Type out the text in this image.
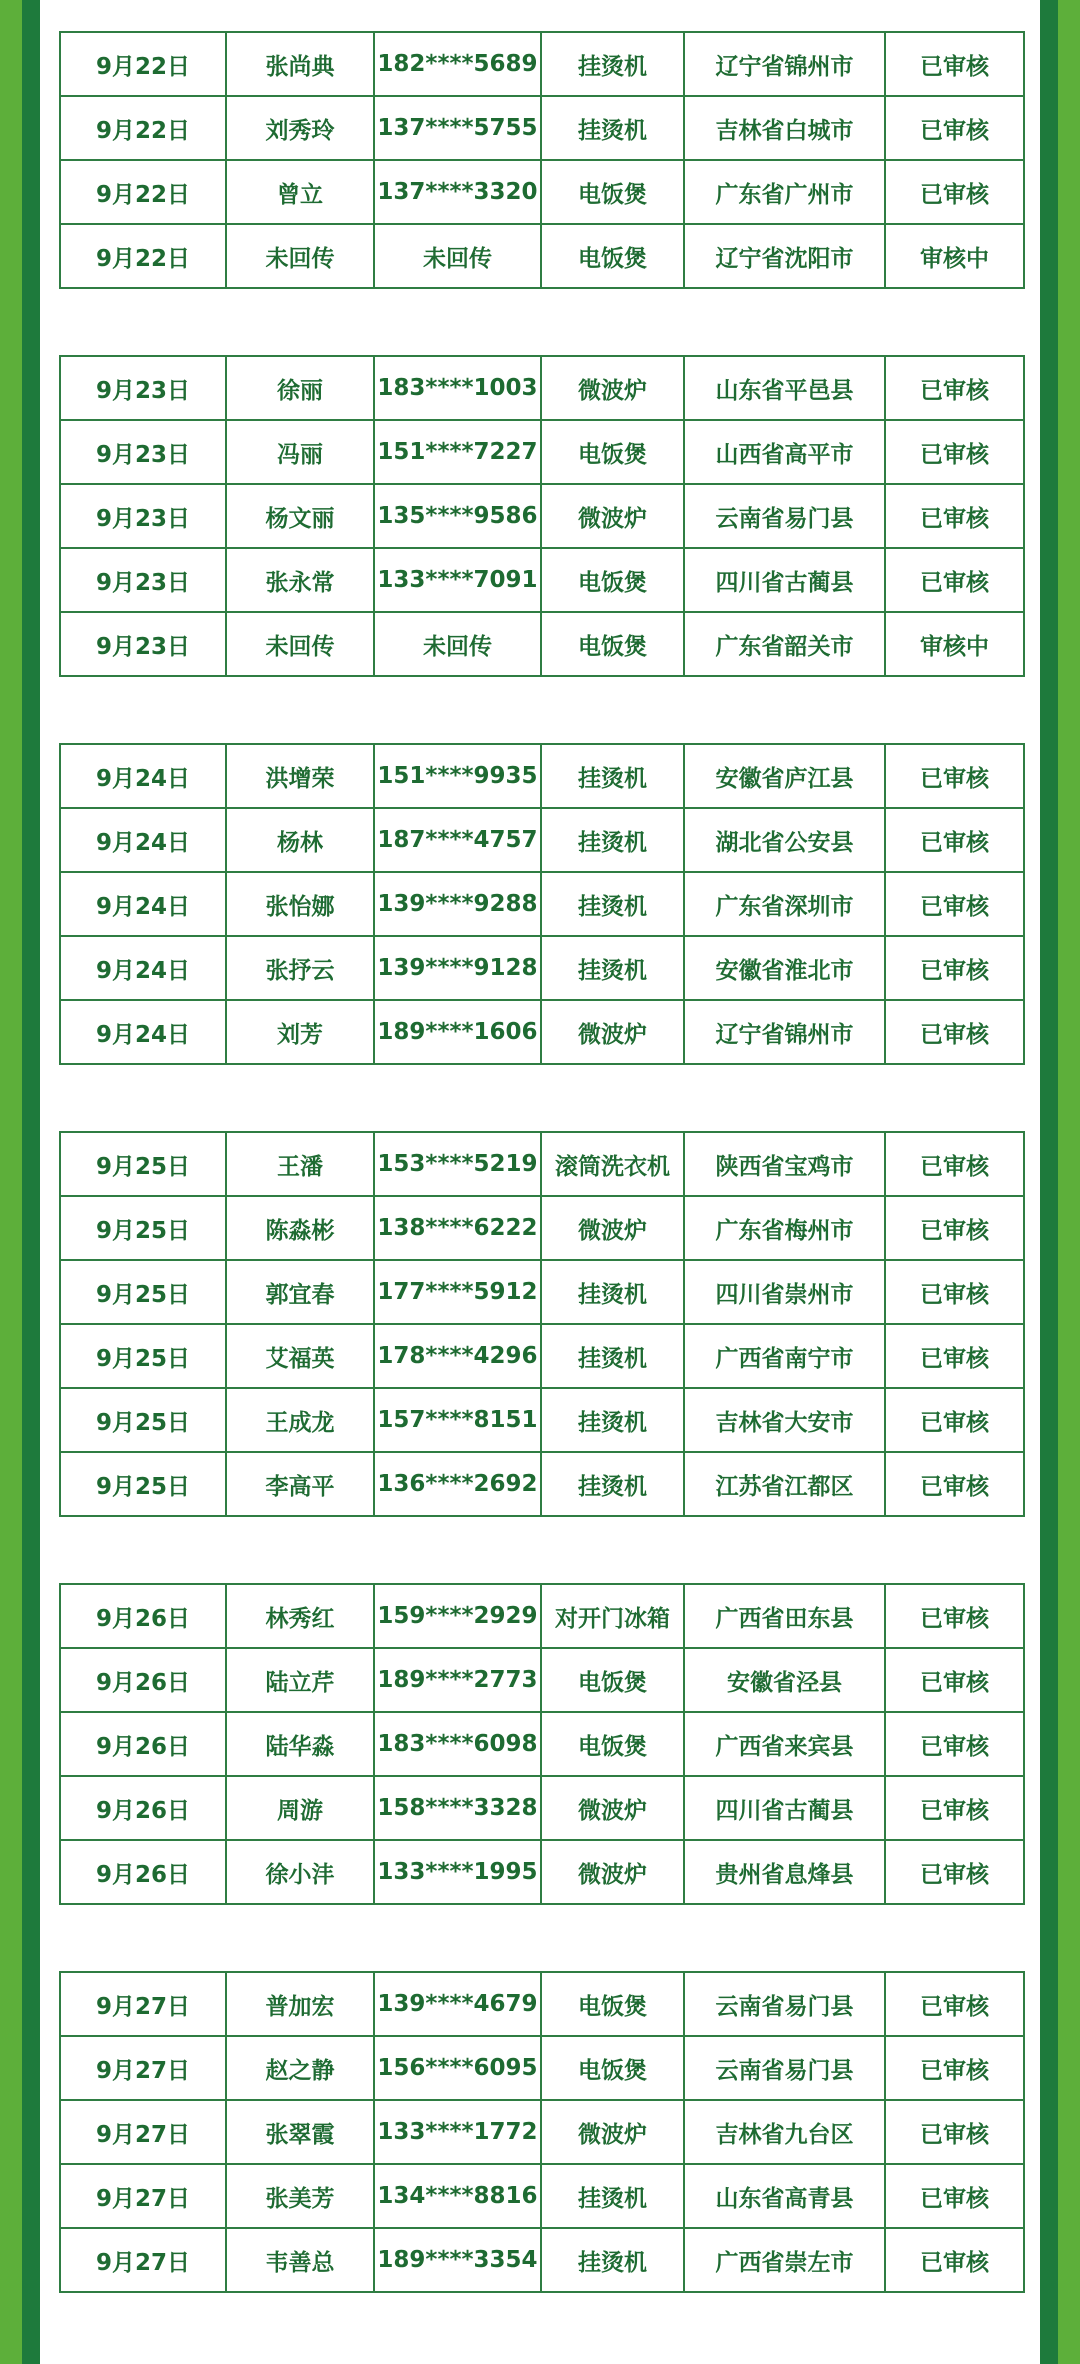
9月22日	张尚典	182****5689	挂烫机	辽宁省锦州市	已审核
9月22日	刘秀玲	137****5755	挂烫机	吉林省白城市	已审核
9月22日	曾立	137****3320	电饭煲	广东省广州市	已审核
9月22日	未回传	未回传	电饭煲	辽宁省沈阳市	审核中
9月23日	徐丽	183****1003	微波炉	山东省平邑县	已审核
9月23日	冯丽	151****7227	电饭煲	山西省高平市	已审核
9月23日	杨文丽	135****9586	微波炉	云南省易门县	已审核
9月23日	张永常	133****7091	电饭煲	四川省古蔺县	已审核
9月23日	未回传	未回传	电饭煲	广东省韶关市	审核中
9月24日	洪增荣	151****9935	挂烫机	安徽省庐江县	已审核
9月24日	杨林	187****4757	挂烫机	湖北省公安县	已审核
9月24日	张怡娜	139****9288	挂烫机	广东省深圳市	已审核
9月24日	张抒云	139****9128	挂烫机	安徽省淮北市	已审核
9月24日	刘芳	189****1606	微波炉	辽宁省锦州市	已审核
9月25日	王潘	153****5219	滚筒洗衣机	陕西省宝鸡市	已审核
9月25日	陈淼彬	138****6222	微波炉	广东省梅州市	已审核
9月25日	郭宜春	177****5912	挂烫机	四川省崇州市	已审核
9月25日	艾福英	178****4296	挂烫机	广西省南宁市	已审核
9月25日	王成龙	157****8151	挂烫机	吉林省大安市	已审核
9月25日	李高平	136****2692	挂烫机	江苏省江都区	已审核
9月26日	林秀红	159****2929	对开门冰箱	广西省田东县	已审核
9月26日	陆立芹	189****2773	电饭煲	安徽省泾县	已审核
9月26日	陆华淼	183****6098	电饭煲	广西省来宾县	已审核
9月26日	周游	158****3328	微波炉	四川省古蔺县	已审核
9月26日	徐小沣	133****1995	微波炉	贵州省息烽县	已审核
9月27日	普加宏	139****4679	电饭煲	云南省易门县	已审核
9月27日	赵之静	156****6095	电饭煲	云南省易门县	已审核
9月27日	张翠霞	133****1772	微波炉	吉林省九台区	已审核
9月27日	张美芳	134****8816	挂烫机	山东省高青县	已审核
9月27日	韦善总	189****3354	挂烫机	广西省崇左市	已审核
